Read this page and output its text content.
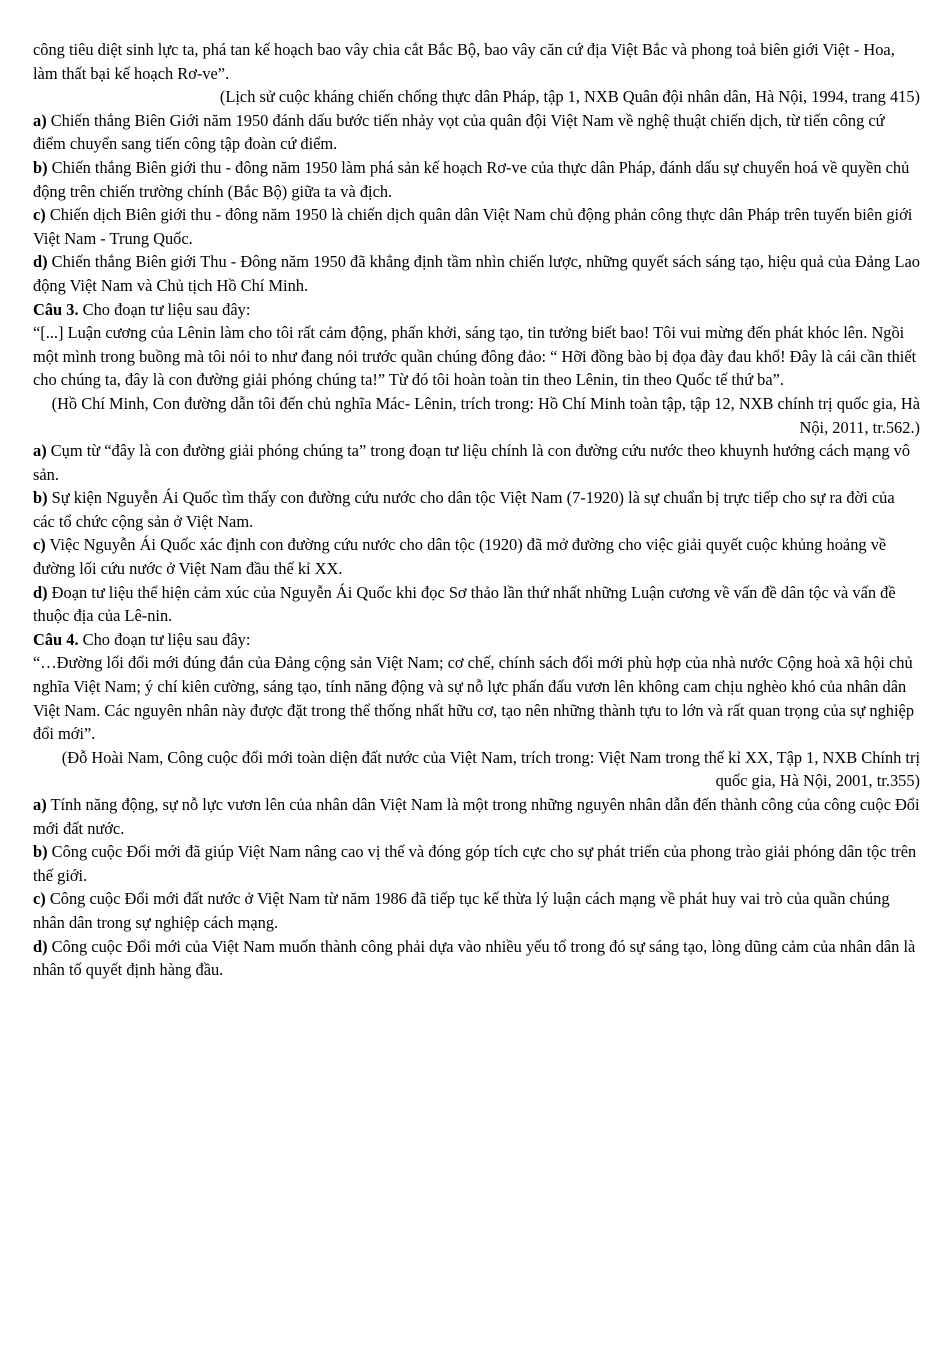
công tiêu diệt sinh lực ta, phá tan kế hoạch bao vây chia cắt Bắc Bộ, bao vây căn cứ địa Việt Bắc và phong toả biên giới Việt - Hoa, làm thất bại kế hoạch Rơ-ve”.

(Lịch sử cuộc kháng chiến chống thực dân Pháp, tập 1, NXB Quân đội nhân dân, Hà Nội, 1994, trang 415)

a) Chiến thắng Biên Giới năm 1950 đánh dấu bước tiến nhảy vọt của quân đội Việt Nam về nghệ thuật chiến dịch, từ tiến công cứ điểm chuyển sang tiến công tập đoàn cứ điểm.

b) Chiến thắng Biên giới thu - đông năm 1950 làm phá sản kế hoạch Rơ-ve của thực dân Pháp, đánh dấu sự chuyển hoá về quyền chủ động trên chiến trường chính (Bắc Bộ) giữa ta và địch.

c) Chiến dịch Biên giới thu - đông năm 1950 là chiến dịch quân dân Việt Nam chủ động phản công thực dân Pháp trên tuyến biên giới Việt Nam - Trung Quốc.

d) Chiến thắng Biên giới Thu - Đông năm 1950 đã khẳng định tầm nhìn chiến lược, những quyết sách sáng tạo, hiệu quả của Đảng Lao động Việt Nam và Chủ tịch Hồ Chí Minh.

Câu 3. Cho đoạn tư liệu sau đây:

“[...] Luận cương của Lênin làm cho tôi rất cảm động, phấn khởi, sáng tạo, tin tưởng biết bao! Tôi vui mừng đến phát khóc lên. Ngồi một mình trong buồng mà tôi nói to như đang nói trước quần chúng đông đảo: “ Hỡi đồng bào bị đọa đày đau khổ! Đây là cái cần thiết cho chúng ta, đây là con đường giải phóng chúng ta!” Từ đó tôi hoàn toàn tin theo Lênin, tin theo Quốc tế thứ ba”.

(Hồ Chí Minh, Con đường dẫn tôi đến chủ nghĩa Mác- Lênin, trích trong: Hồ Chí Minh toàn tập, tập 12, NXB chính trị quốc gia, Hà Nội, 2011, tr.562.)

a) Cụm từ “đây là con đường giải phóng chúng ta” trong đoạn tư liệu chính là con đường cứu nước theo khuynh hướng cách mạng vô sản.

b) Sự kiện Nguyễn Ái Quốc tìm thấy con đường cứu nước cho dân tộc Việt Nam (7-1920) là sự chuẩn bị trực tiếp cho sự ra đời của các tổ chức cộng sản ở Việt Nam.

c) Việc Nguyễn Ái Quốc xác định con đường cứu nước cho dân tộc (1920) đã mở đường cho việc giải quyết cuộc khủng hoảng về đường lối cứu nước ở Việt Nam đầu thế kỉ XX.

d) Đoạn tư liệu thể hiện cảm xúc của Nguyễn Ái Quốc khi đọc Sơ thảo lần thứ nhất những Luận cương về vấn đề dân tộc và vấn đề thuộc địa của Lê-nin.

Câu 4. Cho đoạn tư liệu sau đây:

“…Đường lối đổi mới đúng đắn của Đảng cộng sản Việt Nam; cơ chế, chính sách đổi mới phù hợp của nhà nước Cộng hoà xã hội chủ nghĩa Việt Nam; ý chí kiên cường, sáng tạo, tính năng động và sự nỗ lực phấn đấu vươn lên không cam chịu nghèo khó của nhân dân Việt Nam. Các nguyên nhân này được đặt trong thể thống nhất hữu cơ, tạo nên những thành tựu to lớn và rất quan trọng của sự nghiệp đổi mới”.

(Đỗ Hoài Nam, Công cuộc đổi mới toàn diện đất nước của Việt Nam, trích trong: Việt Nam trong thế kỉ XX, Tập 1, NXB Chính trị quốc gia, Hà Nội, 2001, tr.355)

a) Tính năng động, sự nỗ lực vươn lên của nhân dân Việt Nam là một trong những nguyên nhân dẫn đến thành công của công cuộc Đổi mới đất nước.

b) Công cuộc Đổi mới đã giúp Việt Nam nâng cao vị thế và đóng góp tích cực cho sự phát triển của phong trào giải phóng dân tộc trên thế giới.

c) Công cuộc Đổi mới đất nước ở Việt Nam từ năm 1986 đã tiếp tục kế thừa lý luận cách mạng về phát huy vai trò của quần chúng nhân dân trong sự nghiệp cách mạng.

d) Công cuộc Đổi mới của Việt Nam muốn thành công phải dựa vào nhiều yếu tố trong đó sự sáng tạo, lòng dũng cảm của nhân dân là nhân tố quyết định hàng đầu.
